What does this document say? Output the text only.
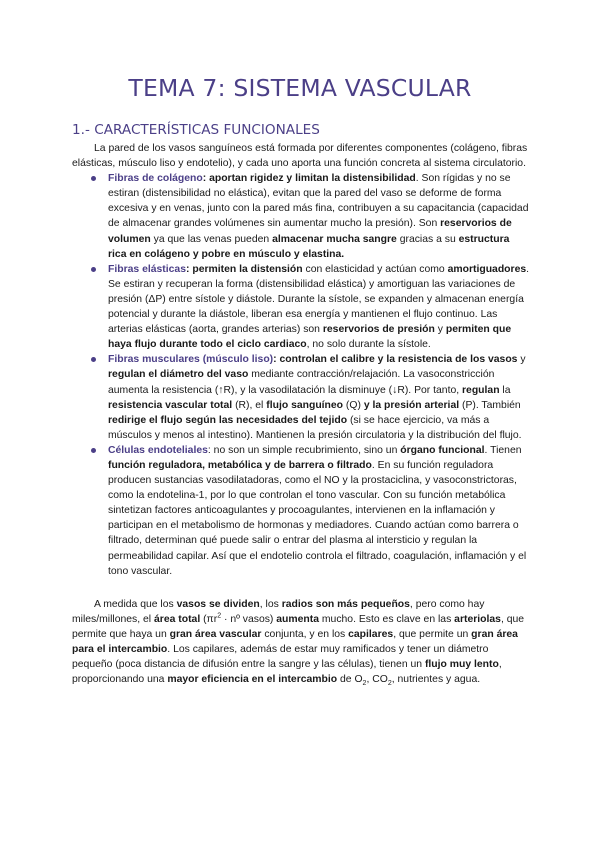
TEMA 7: SISTEMA VASCULAR
1.- CARACTERÍSTICAS FUNCIONALES

La pared de los vasos sanguíneos está formada por diferentes componentes (colágeno, fibras elásticas, músculo liso y endotelio), y cada uno aporta una función concreta al sistema circulatorio.

Fibras de colágeno: aportan rigidez y limitan la distensibilidad. Son rígidas y no se estiran (distensibilidad no elástica), evitan que la pared del vaso se deforme de forma excesiva y en venas, junto con la pared más fina, contribuyen a su capacitancia (capacidad de almacenar grandes volúmenes sin aumentar mucho la presión). Son reservorios de volumen ya que las venas pueden almacenar mucha sangre gracias a su estructura rica en colágeno y pobre en músculo y elastina.
Fibras elásticas: permiten la distensión con elasticidad y actúan como amortiguadores. Se estiran y recuperan la forma (distensibilidad elástica) y amortiguan las variaciones de presión (ΔP) entre sístole y diástole. Durante la sístole, se expanden y almacenan energía potencial y durante la diástole, liberan esa energía y mantienen el flujo continuo. Las arterias elásticas (aorta, grandes arterias) son reservorios de presión y permiten que haya flujo durante todo el ciclo cardiaco, no solo durante la sístole.
Fibras musculares (músculo liso): controlan el calibre y la resistencia de los vasos y regulan el diámetro del vaso mediante contracción/relajación. La vasoconstricción aumenta la resistencia (↑R), y la vasodilatación la disminuye (↓R). Por tanto, regulan la resistencia vascular total (R), el flujo sanguíneo (Q) y la presión arterial (P). También redirige el flujo según las necesidades del tejido (si se hace ejercicio, va más a músculos y menos al intestino). Mantienen la presión circulatoria y la distribución del flujo.
Células endoteliales: no son un simple recubrimiento, sino un órgano funcional. Tienen función reguladora, metabólica y de barrera o filtrado. En su función reguladora producen sustancias vasodilatadoras, como el NO y la prostaciclina, y vasoconstrictoras, como la endotelina-1, por lo que controlan el tono vascular. Con su función metabólica sintetizan factores anticoagulantes y procoagulantes, intervienen en la inflamación y participan en el metabolismo de hormonas y mediadores. Cuando actúan como barrera o filtrado, determinan qué puede salir o entrar del plasma al intersticio y regulan la permeabilidad capilar. Así que el endotelio controla el filtrado, coagulación, inflamación y el tono vascular.

A medida que los vasos se dividen, los radios son más pequeños, pero como hay miles/millones, el área total ($\pi r^2$ · nº vasos) aumenta mucho. Esto es clave en las arteriolas, que permite que haya un gran área vascular conjunta, y en los capilares, que permite un gran área para el intercambio. Los capilares, además de estar muy ramificados y tener un diámetro pequeño (poca distancia de difusión entre la sangre y las células), tienen un flujo muy lento, proporcionando una mayor eficiencia en el intercambio de $O_2$, $CO_2$, nutrientes y agua.
